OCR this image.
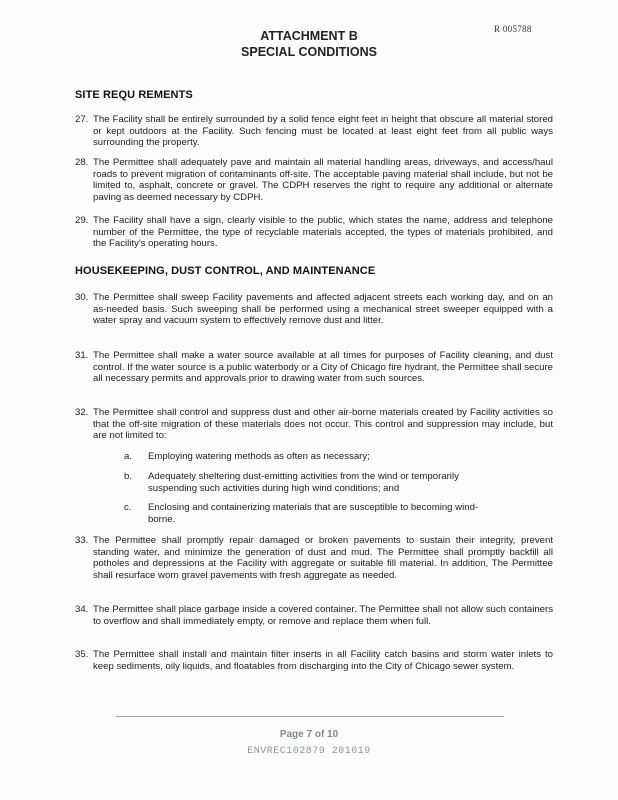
R 005788
ATTACHMENT B
SPECIAL CONDITIONS
SITE REQU REMENTS
27. The Facility shall be entirely surrounded by a solid fence eight feet in height that obscure all material stored or kept outdoors at the Facility. Such fencing must be located at least eight feet from all public ways surrounding the property.
28. The Permittee shall adequately pave and maintain all material handling areas, driveways, and access/haul roads to prevent migration of contaminants off-site. The acceptable paving material shall include, but not be limited to, asphalt, concrete or gravel. The CDPH reserves the right to require any additional or alternate paving as deemed necessary by CDPH.
29. The Facility shall have a sign, clearly visible to the public, which states the name, address and telephone number of the Permittee, the type of recyclable materials accepted, the types of materials prohibited, and the Facility's operating hours.
HOUSEKEEPING, DUST CONTROL, AND MAINTENANCE
30. The Permittee shall sweep Facility pavements and affected adjacent streets each working day, and on an as-needed basis. Such sweeping shall be performed using a mechanical street sweeper equipped with a water spray and vacuum system to effectively remove dust and litter.
31. The Permittee shall make a water source available at all times for purposes of Facility cleaning, and dust control. If the water source is a public waterbody or a City of Chicago fire hydrant, the Permittee shall secure all necessary permits and approvals prior to drawing water from such sources.
32. The Permittee shall control and suppress dust and other air-borne materials created by Facility activities so that the off-site migration of these materials does not occur. This control and suppression may include, but are not limited to:
a. Employing watering methods as often as necessary;
b. Adequately sheltering dust-emitting activities from the wind or temporarily suspending such activities during high wind conditions; and
c. Enclosing and containerizing materials that are susceptible to becoming wind-borne.
33. The Permittee shall promptly repair damaged or broken pavements to sustain their integrity, prevent standing water, and minimize the generation of dust and mud. The Permittee shall promptly backfill all potholes and depressions at the Facility with aggregate or suitable fill material. In addition, The Permittee shall resurface worn gravel pavements with fresh aggregate as needed.
34. The Permittee shall place garbage inside a covered container. The Permittee shall not allow such containers to overflow and shall immediately empty, or remove and replace them when full.
35. The Permittee shall install and maintain filter inserts in all Facility catch basins and storm water inlets to keep sediments, oily liquids, and floatables from discharging into the City of Chicago sewer system.
Page 7 of 10
ENVREC102879 201019
